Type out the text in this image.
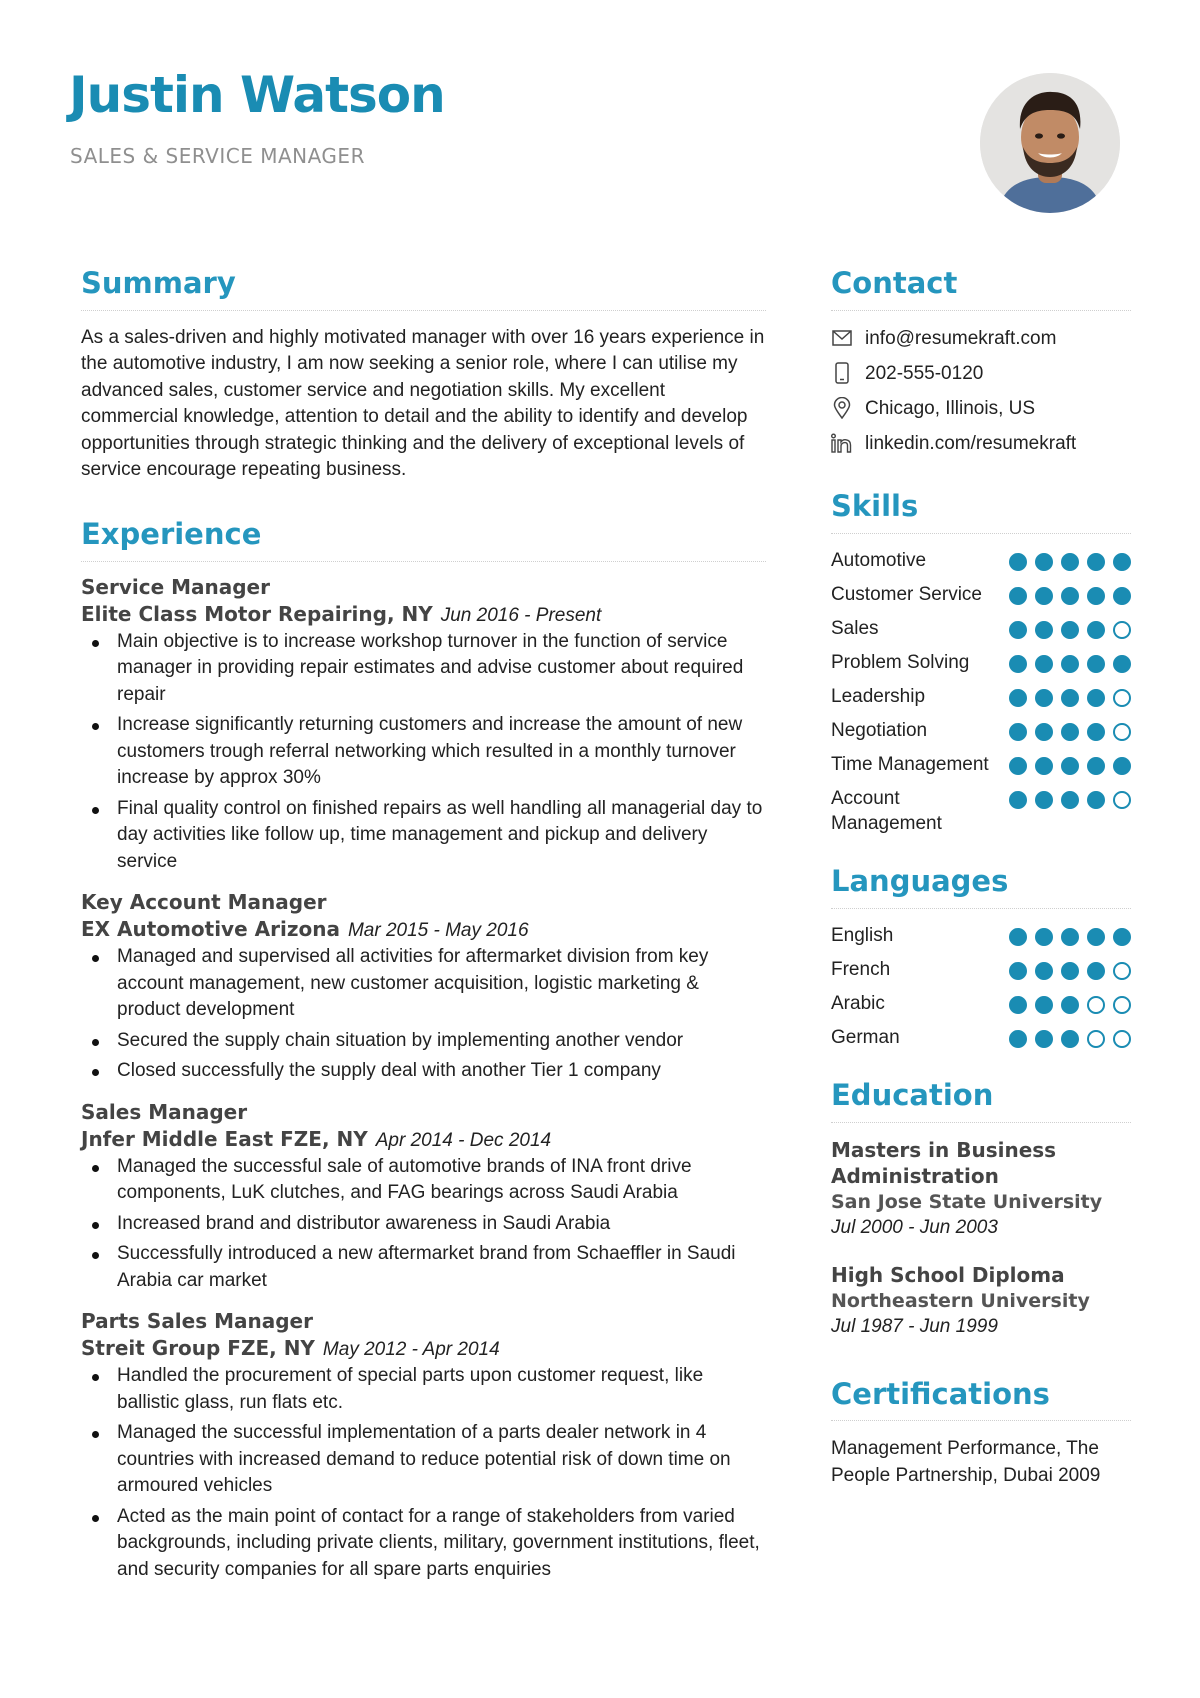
Justin Watson
SALES & SERVICE MANAGER
Summary

As a sales-driven and highly motivated manager with over 16 years experience in the automotive industry, I am now seeking a senior role, where I can utilise my advanced sales, customer service and negotiation skills. My excellent commercial knowledge, attention to detail and the ability to identify and develop opportunities through strategic thinking and the delivery of exceptional levels of service encourage repeating business.

Experience
Service Manager
Elite Class Motor Repairing, NY Jun 2016 - Present
Main objective is to increase workshop turnover in the function of service manager in providing repair estimates and advise customer about required repair
Increase significantly returning customers and increase the amount of new customers trough referral networking which resulted in a monthly turnover increase by approx 30%
Final quality control on finished repairs as well handling all managerial day to day activities like follow up, time management and pickup and delivery service
Key Account Manager
EX Automotive Arizona Mar 2015 - May 2016
Managed and supervised all activities for aftermarket division from key account management, new customer acquisition, logistic marketing & product development
Secured the supply chain situation by implementing another vendor
Closed successfully the supply deal with another Tier 1 company
Sales Manager
Jnfer Middle East FZE, NY Apr 2014 - Dec 2014
Managed the successful sale of automotive brands of INA front drive components, LuK clutches, and FAG bearings across Saudi Arabia
Increased brand and distributor awareness in Saudi Arabia
Successfully introduced a new aftermarket brand from Schaeffler in Saudi Arabia car market
Parts Sales Manager
Streit Group FZE, NY May 2012 - Apr 2014
Handled the procurement of special parts upon customer request, like ballistic glass, run flats etc.
Managed the successful implementation of a parts dealer network in 4 countries with increased demand to reduce potential risk of down time on armoured vehicles
Acted as the main point of contact for a range of stakeholders from varied backgrounds, including private clients, military, government institutions, fleet, and security companies for all spare parts enquiries
Contact
info@resumekraft.com
202-555-0120
Chicago, Illinois, US
linkedin.com/resumekraft
Skills
Automotive
Customer Service
Sales
Problem Solving
Leadership
Negotiation
Time Management
Account Management
Languages
English
French
Arabic
German
Education
Masters in Business Administration
San Jose State University
Jul 2000 - Jun 2003
High School Diploma
Northeastern University
Jul 1987 - Jun 1999
Certifications
Management Performance, The People Partnership, Dubai 2009
